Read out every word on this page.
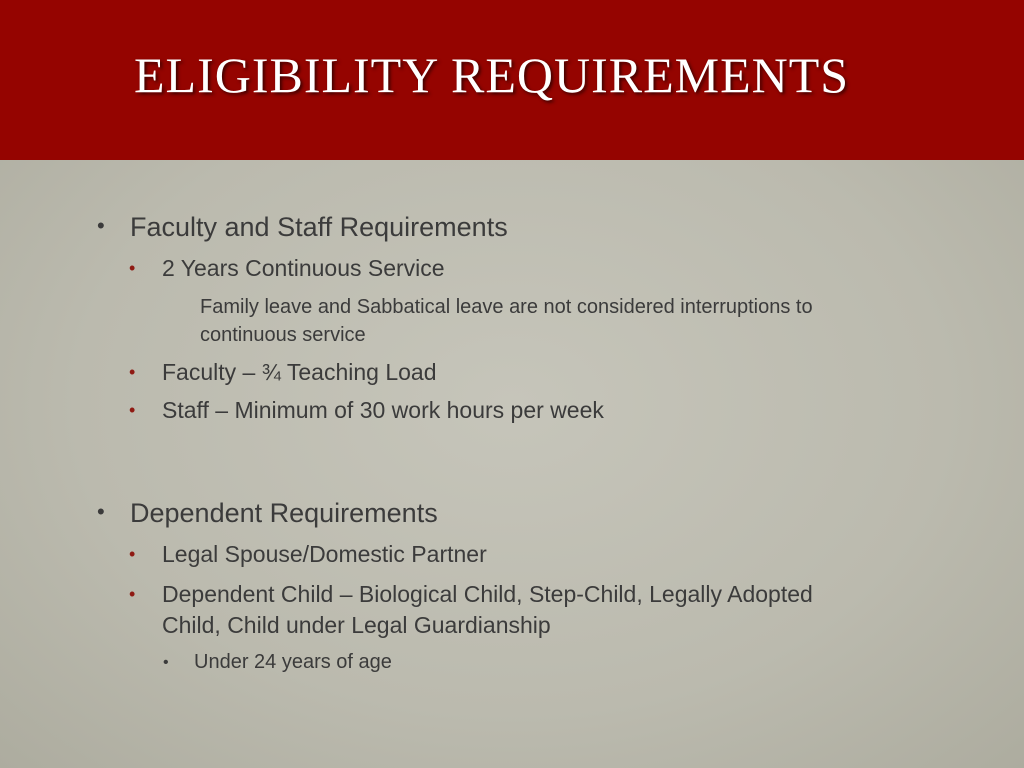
ELIGIBILITY REQUIREMENTS
• Faculty and Staff Requirements
• 2 Years Continuous Service
Family leave and Sabbatical leave are not considered interruptions to
continuous service
• Faculty – ¾ Teaching Load
• Staff – Minimum of 30 work hours per week
• Dependent Requirements
• Legal Spouse/Domestic Partner
• Dependent Child – Biological Child, Step-Child, Legally Adopted
Child, Child under Legal Guardianship
• Under 24 years of age
